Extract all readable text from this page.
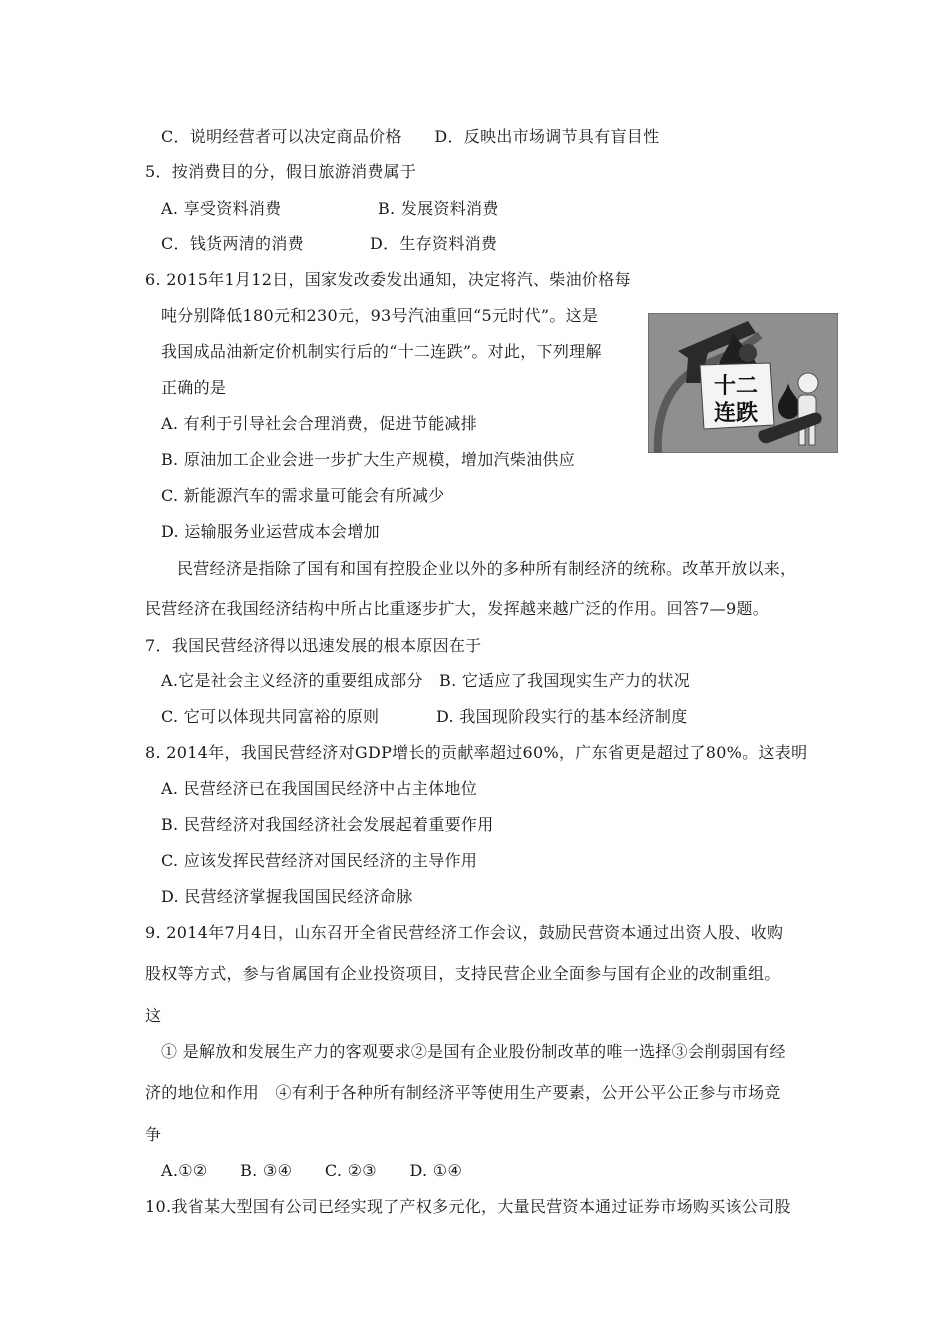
C．说明经营者可以决定商品价格　　D．反映出市场调节具有盲目性
5．按消费目的分，假日旅游消费属于
A. 享受资料消费	B. 发展资料消费
C．钱货两清的消费	D．生存资料消费
6. 2015年1月12日，国家发改委发出通知，决定将汽、柴油价格每
吨分别降低180元和230元，93号汽油重回“5元时代”。这是
我国成品油新定价机制实行后的“十二连跌”。对此，下列理解
正确的是
A. 有利于引导社会合理消费，促进节能减排
B. 原油加工企业会进一步扩大生产规模，增加汽柴油供应
C. 新能源汽车的需求量可能会有所减少
D. 运输服务业运营成本会增加
民营经济是指除了国有和国有控股企业以外的多种所有制经济的统称。改革开放以来，
民营经济在我国经济结构中所占比重逐步扩大，发挥越来越广泛的作用。回答7—9题。
7．我国民营经济得以迅速发展的根本原因在于
A.它是社会主义经济的重要组成部分　B. 它适应了我国现实生产力的状况
C. 它可以体现共同富裕的原则	D. 我国现阶段实行的基本经济制度
8. 2014年，我国民营经济对GDP增长的贡献率超过60%，广东省更是超过了80%。这表明
A. 民营经济已在我国国民经济中占主体地位
B. 民营经济对我国经济社会发展起着重要作用
C. 应该发挥民营经济对国民经济的主导作用
D. 民营经济掌握我国国民经济命脉
9. 2014年7月4日，山东召开全省民营经济工作会议，鼓励民营资本通过出资人股、收购
股权等方式，参与省属国有企业投资项目，支持民营企业全面参与国有企业的改制重组。
这
① 是解放和发展生产力的客观要求②是国有企业股份制改革的唯一选择③会削弱国有经
济的地位和作用　④有利于各种所有制经济平等使用生产要素，公开公平公正参与市场竞
争
A.①②　　B. ③④　　C. ②③　　D. ①④
10.我省某大型国有公司已经实现了产权多元化，大量民营资本通过证券市场购买该公司股
十二
连跌
